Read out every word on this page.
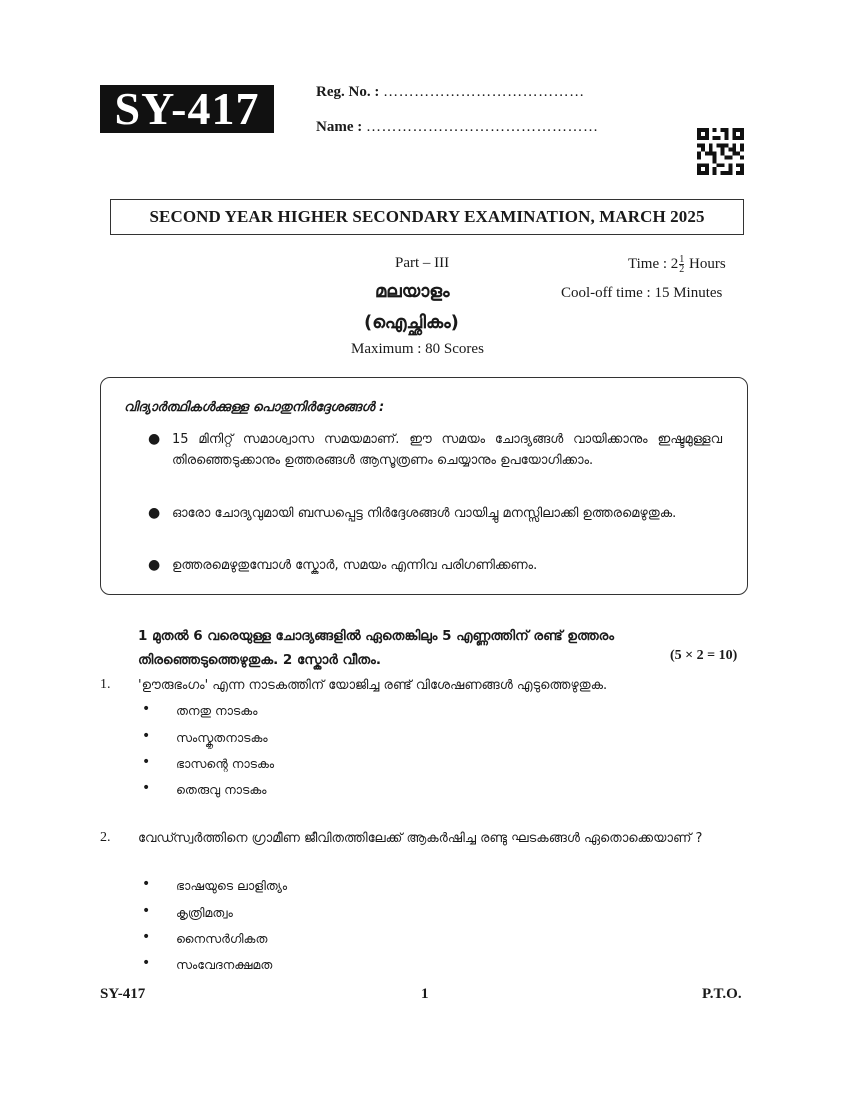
SY-417	Reg. No. : …………………………………
Name : ………………………………………
SECOND YEAR HIGHER SECONDARY EXAMINATION, MARCH 2025
Part – III	Time : $2 \frac{1}{2}$ Hours
മലയാളം	Cool-off time : 15 Minutes
(ഐച്ഛികം)
Maximum : 80 Scores
വിദ്യാർത്ഥികൾക്കുള്ള പൊതുനിർദ്ദേശങ്ങൾ :
● 15 മിനിറ്റ് സമാശ്വാസ സമയമാണ്. ഈ സമയം ചോദ്യങ്ങൾ വായിക്കാനും ഇഷ്ടമുള്ളവ തിരഞ്ഞെടുക്കാനും ഉത്തരങ്ങൾ ആസൂത്രണം ചെയ്യാനും ഉപയോഗിക്കാം.
● ഓരോ ചോദ്യവുമായി ബന്ധപ്പെട്ട നിർദ്ദേശങ്ങൾ വായിച്ചു മനസ്സിലാക്കി ഉത്തരമെഴുതുക.
● ഉത്തരമെഴുതുമ്പോൾ സ്കോർ, സമയം എന്നിവ പരിഗണിക്കണം.
1 മുതൽ 6 വരെയുള്ള ചോദ്യങ്ങളിൽ ഏതെങ്കിലും 5 എണ്ണത്തിന് രണ്ട് ഉത്തരം തിരഞ്ഞെടുത്തെഴുതുക. 2 സ്കോർ വീതം.	(5 × 2 = 10)
1. 'ഊരുഭംഗം' എന്ന നാടകത്തിന് യോജിച്ച രണ്ട് വിശേഷണങ്ങൾ എടുത്തെഴുതുക.
• തനതു നാടകം
• സംസ്കൃതനാടകം
• ഭാസന്റെ നാടകം
• തെരുവു നാടകം
2. വേഡ്സ്വർത്തിനെ ഗ്രാമീണ ജീവിതത്തിലേക്ക് ആകർഷിച്ച രണ്ടു ഘടകങ്ങൾ ഏതൊക്കെയാണ് ?
• ഭാഷയുടെ ലാളിത്യം
• കൃത്രിമത്വം
• നൈസർഗികത
• സംവേദനക്ഷമത
SY-417	1	P.T.O.
